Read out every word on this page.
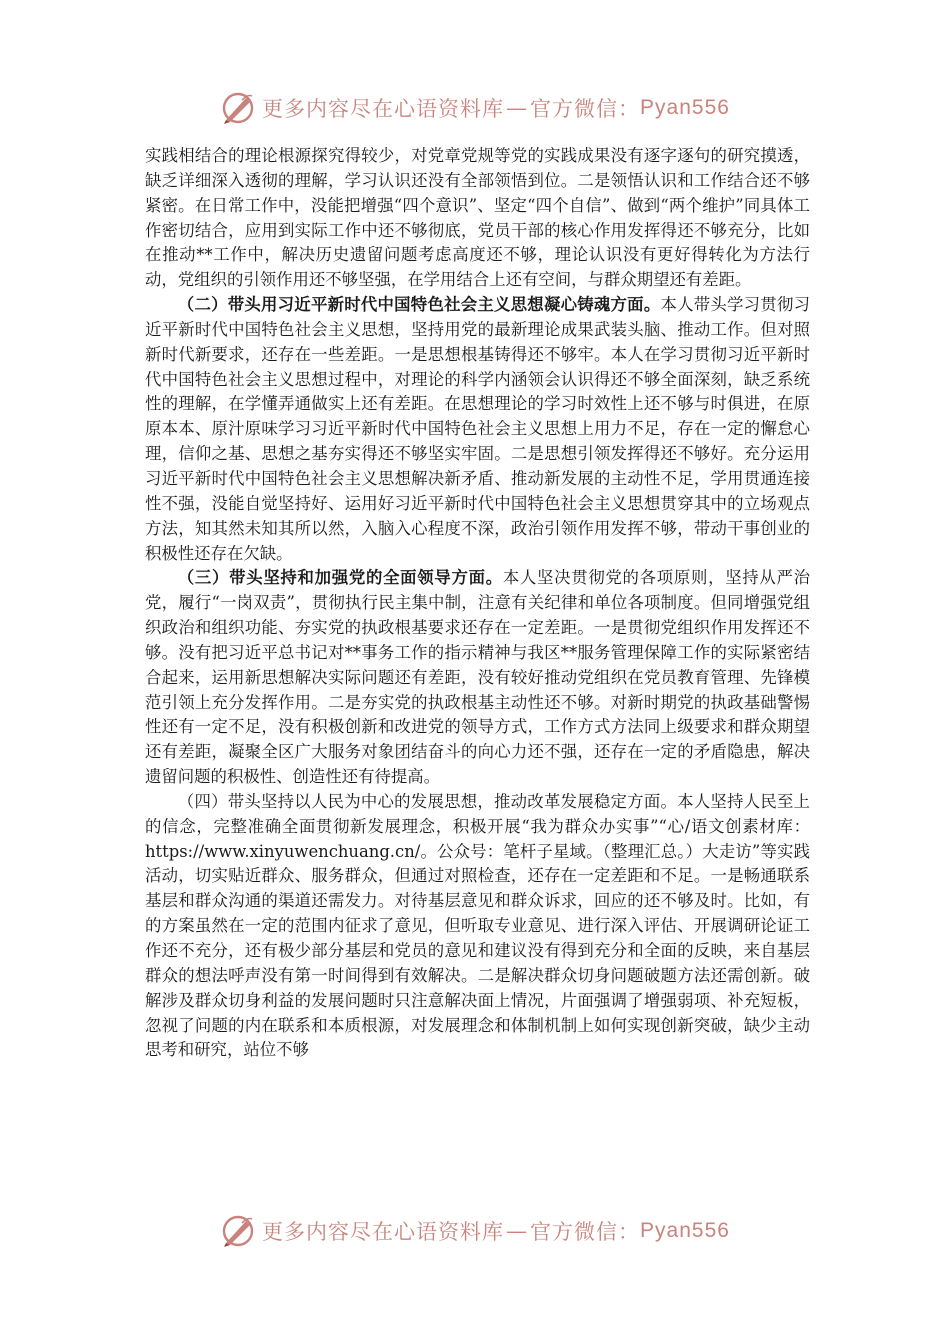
更多内容尽在心语资料库 — 官方微信： Pyan556

实践相结合的理论根源探究得较少，对党章党规等党的实践成果没有逐字逐句的研究摸透，缺乏详细深入透彻的理解，学习认识还没有全部领悟到位。二是领悟认识和工作结合还不够紧密。在日常工作中，没能把增强“四个意识”、坚定“四个自信”、做到“两个维护”同具体工作密切结合，应用到实际工作中还不够彻底，党员干部的核心作用发挥得还不够充分，比如在推动**工作中，解决历史遗留问题考虑高度还不够，理论认识没有更好得转化为方法行动，党组织的引领作用还不够坚强，在学用结合上还有空间，与群众期望还有差距。

（二）带头用习近平新时代中国特色社会主义思想凝心铸魂方面。本人带头学习贯彻习近平新时代中国特色社会主义思想，坚持用党的最新理论成果武装头脑、推动工作。但对照新时代新要求，还存在一些差距。一是思想根基铸得还不够牢。本人在学习贯彻习近平新时代中国特色社会主义思想过程中，对理论的科学内涵领会认识得还不够全面深刻，缺乏系统性的理解，在学懂弄通做实上还有差距。在思想理论的学习时效性上还不够与时俱进，在原原本本、原汁原味学习习近平新时代中国特色社会主义思想上用力不足，存在一定的懈怠心理，信仰之基、思想之基夯实得还不够坚实牢固。二是思想引领发挥得还不够好。充分运用习近平新时代中国特色社会主义思想解决新矛盾、推动新发展的主动性不足，学用贯通连接性不强，没能自觉坚持好、运用好习近平新时代中国特色社会主义思想贯穿其中的立场观点方法，知其然未知其所以然，入脑入心程度不深，政治引领作用发挥不够，带动干事创业的积极性还存在欠缺。

（三）带头坚持和加强党的全面领导方面。本人坚决贯彻党的各项原则，坚持从严治党，履行“一岗双责”，贯彻执行民主集中制，注意有关纪律和单位各项制度。但同增强党组织政治和组织功能、夯实党的执政根基要求还存在一定差距。一是贯彻党组织作用发挥还不够。没有把习近平总书记对**事务工作的指示精神与我区**服务管理保障工作的实际紧密结合起来，运用新思想解决实际问题还有差距，没有较好推动党组织在党员教育管理、先锋模范引领上充分发挥作用。二是夯实党的执政根基主动性还不够。对新时期党的执政基础警惕性还有一定不足，没有积极创新和改进党的领导方式，工作方式方法同上级要求和群众期望还有差距，凝聚全区广大服务对象团结奋斗的向心力还不强，还存在一定的矛盾隐患，解决遗留问题的积极性、创造性还有待提高。

（四）带头坚持以人民为中心的发展思想，推动改革发展稳定方面。本人坚持人民至上的信念，完整准确全面贯彻新发展理念，积极开展“我为群众办实事”“心/语文创素材库：https://www.xinyuwenchuang.cn/。公众号：笔杆子星域。（整理汇总。）大走访”等实践活动，切实贴近群众、服务群众，但通过对照检查，还存在一定差距和不足。一是畅通联系基层和群众沟通的渠道还需发力。对待基层意见和群众诉求，回应的还不够及时。比如，有的方案虽然在一定的范围内征求了意见，但听取专业意见、进行深入评估、开展调研论证工作还不充分，还有极少部分基层和党员的意见和建议没有得到充分和全面的反映，来自基层群众的想法呼声没有第一时间得到有效解决。二是解决群众切身问题破题方法还需创新。破解涉及群众切身利益的发展问题时只注意解决面上情况，片面强调了增强弱项、补充短板，忽视了问题的内在联系和本质根源，对发展理念和体制机制上如何实现创新突破，缺少主动思考和研究，站位不够

更多内容尽在心语资料库 — 官方微信： Pyan556
